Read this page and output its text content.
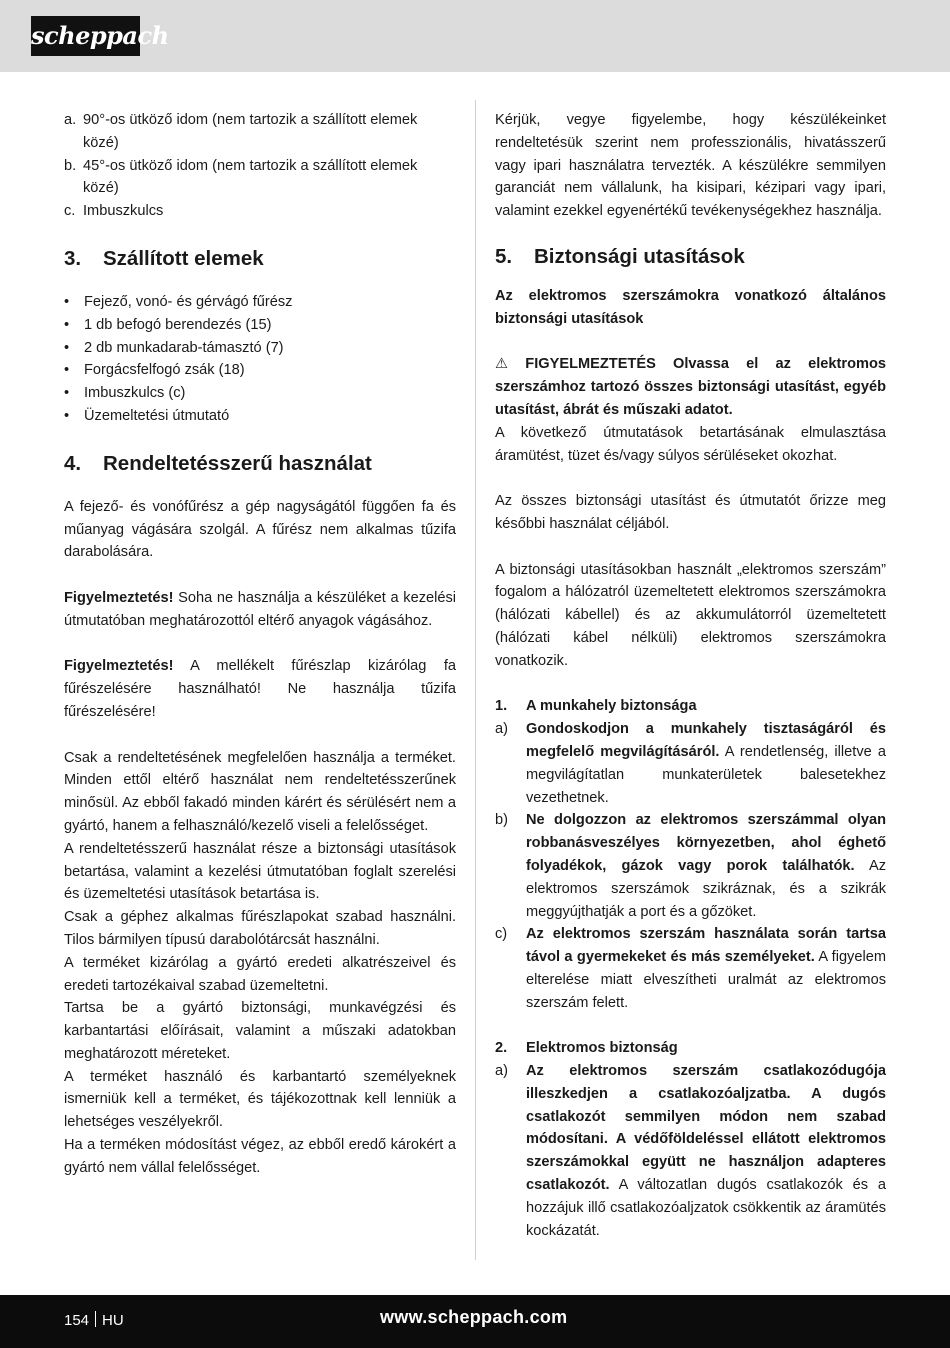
scheppach
a. 90°-os ütköző idom (nem tartozik a szállított elemek közé)
b. 45°-os ütköző idom (nem tartozik a szállított elemek közé)
c. Imbuszkulcs
3.	Szállított elemek
•	Fejező, vonó- és gérvágó fűrész
•	1 db befogó berendezés (15)
•	2 db munkadarab-támasztó (7)
•	Forgácsfelfogó zsák (18)
•	Imbuszkulcs (c)
•	Üzemeltetési útmutató
4.	Rendeltetésszerű használat

A fejező- és vonófűrész a gép nagyságától függően fa és műanyag vágására szolgál. A fűrész nem alkalmas tűzifa darabolására.

Figyelmeztetés! Soha ne használja a készüléket a kezelési útmutatóban meghatározottól eltérő anyagok vágásához.

Figyelmeztetés! A mellékelt fűrészlap kizárólag fa fűrészelésére használható! Ne használja tűzifa fűrészelésére!

Csak a rendeltetésének megfelelően használja a terméket. Minden ettől eltérő használat nem rendeltetésszerűnek minősül. Az ebből fakadó minden kárért és sérülésért nem a gyártó, hanem a felhasználó/kezelő viseli a felelősséget.

A rendeltetésszerű használat része a biztonsági utasítások betartása, valamint a kezelési útmutatóban foglalt szerelési és üzemeltetési utasítások betartása is.

Csak a géphez alkalmas fűrészlapokat szabad használni. Tilos bármilyen típusú darabolótárcsát használni.

A terméket kizárólag a gyártó eredeti alkatrészeivel és eredeti tartozékaival szabad üzemeltetni.

Tartsa be a gyártó biztonsági, munkavégzési és karbantartási előírásait, valamint a műszaki adatokban meghatározott méreteket.

A terméket használó és karbantartó személyeknek ismerniük kell a terméket, és tájékozottnak kell lenniük a lehetséges veszélyekről.

Ha a terméken módosítást végez, az ebből eredő károkért a gyártó nem vállal felelősséget.

Kérjük, vegye figyelembe, hogy készülékeinket rendeltetésük szerint nem professzionális, hivatásszerű vagy ipari használatra tervezték. A készülékre semmilyen garanciát nem vállalunk, ha kisipari, kézipari vagy ipari, valamint ezekkel egyenértékű tevékenységekhez használja.

5.	Biztonsági utasítások

Az elektromos szerszámokra vonatkozó általános biztonsági utasítások

⚠ FIGYELMEZTETÉS Olvassa el az elektromos szerszámhoz tartozó összes biztonsági utasítást, egyéb utasítást, ábrát és műszaki adatot.

A következő útmutatások betartásának elmulasztása áramütést, tüzet és/vagy súlyos sérüléseket okozhat.

Az összes biztonsági utasítást és útmutatót őrizze meg későbbi használat céljából.

A biztonsági utasításokban használt „elektromos szerszám” fogalom a hálózatról üzemeltetett elektromos szerszámokra (hálózati kábellel) és az akkumulátorról üzemeltetett (hálózati kábel nélküli) elektromos szerszámokra vonatkozik.

1.	A munkahely biztonsága
a)	Gondoskodjon a munkahely tisztaságáról és megfelelő megvilágításáról. A rendetlenség, illetve a megvilágítatlan munkaterületek balesetekhez vezethetnek.
b)	Ne dolgozzon az elektromos szerszámmal olyan robbanásveszélyes környezetben, ahol éghető folyadékok, gázok vagy porok találhatók. Az elektromos szerszámok szikráznak, és a szikrák meggyújthatják a port és a gőzöket.
c)	Az elektromos szerszám használata során tartsa távol a gyermekeket és más személyeket. A figyelem elterelése miatt elveszítheti uralmát az elektromos szerszám felett.
2.	Elektromos biztonság
a)	Az elektromos szerszám csatlakozódugója illeszkedjen a csatlakozóaljzatba. A dugós csatlakozót semmilyen módon nem szabad módosítani. A védőföldeléssel ellátott elektromos szerszámokkal együtt ne használjon adapteres csatlakozót. A változatlan dugós csatlakozók és a hozzájuk illő csatlakozóaljzatok csökkentik az áramütés kockázatát.
154 HU	www.scheppach.com
